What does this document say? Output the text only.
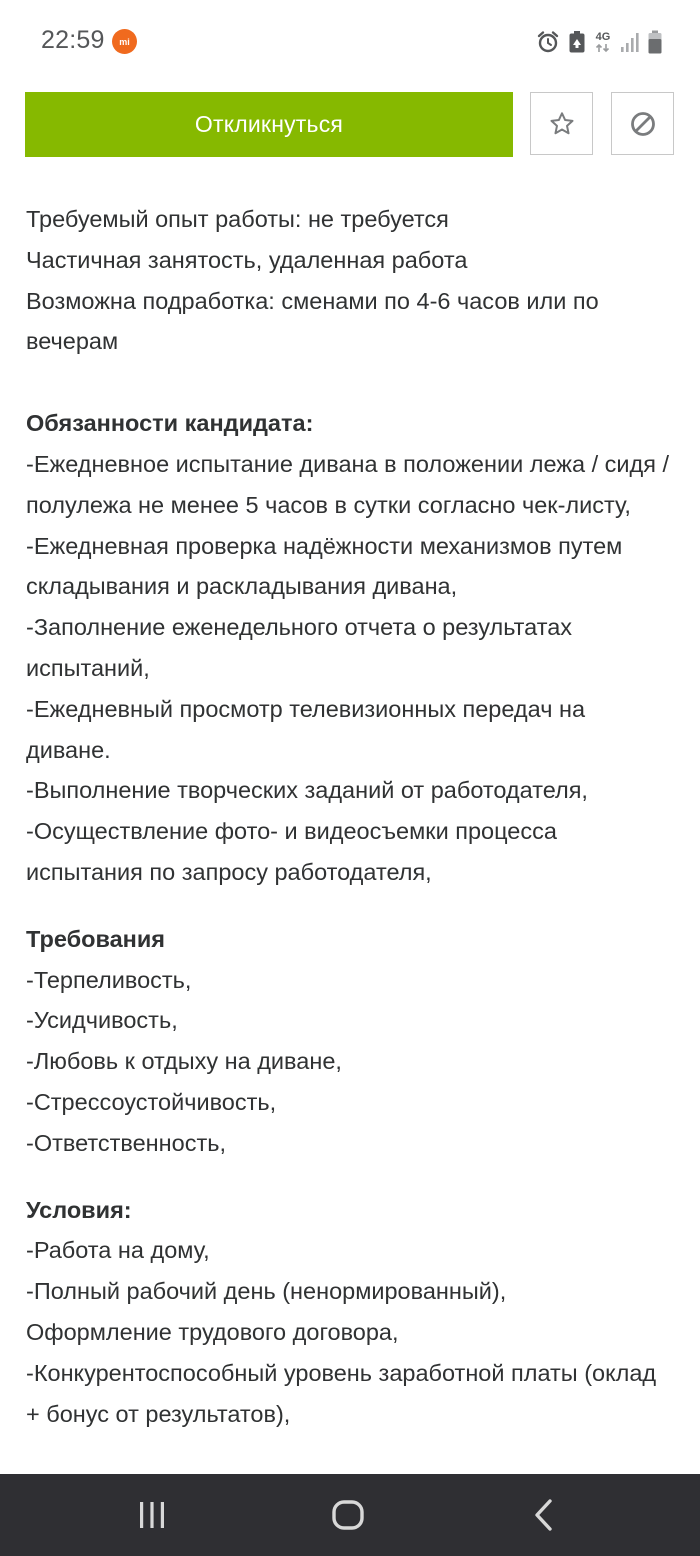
22:59	mi	4G
Откликнуться

Требуемый опыт работы: не требуется

Частичная занятость, удаленная работа

Возможна подработка: сменами по 4-6 часов или по вечерам

Обязанности кандидата:

-Ежедневное испытание дивана в положении лежа / сидя / полулежа не менее 5 часов в сутки согласно чек-листу,

-Ежедневная проверка надёжности механизмов путем складывания и раскладывания дивана,

-Заполнение еженедельного отчета о результатах испытаний,

-Ежедневный просмотр телевизионных передач на диване.

-Выполнение творческих заданий от работодателя,

-Осуществление фото- и видеосъемки процесса испытания по запросу работодателя,

Требования

-Терпеливость,

-Усидчивость,

-Любовь к отдыху на диване,

-Стрессоустойчивость,

-Ответственность,

Условия:

-Работа на дому,

-Полный рабочий день (ненормированный),

Оформление трудового договора,

-Конкурентоспособный уровень заработной платы (оклад + бонус от результатов),
